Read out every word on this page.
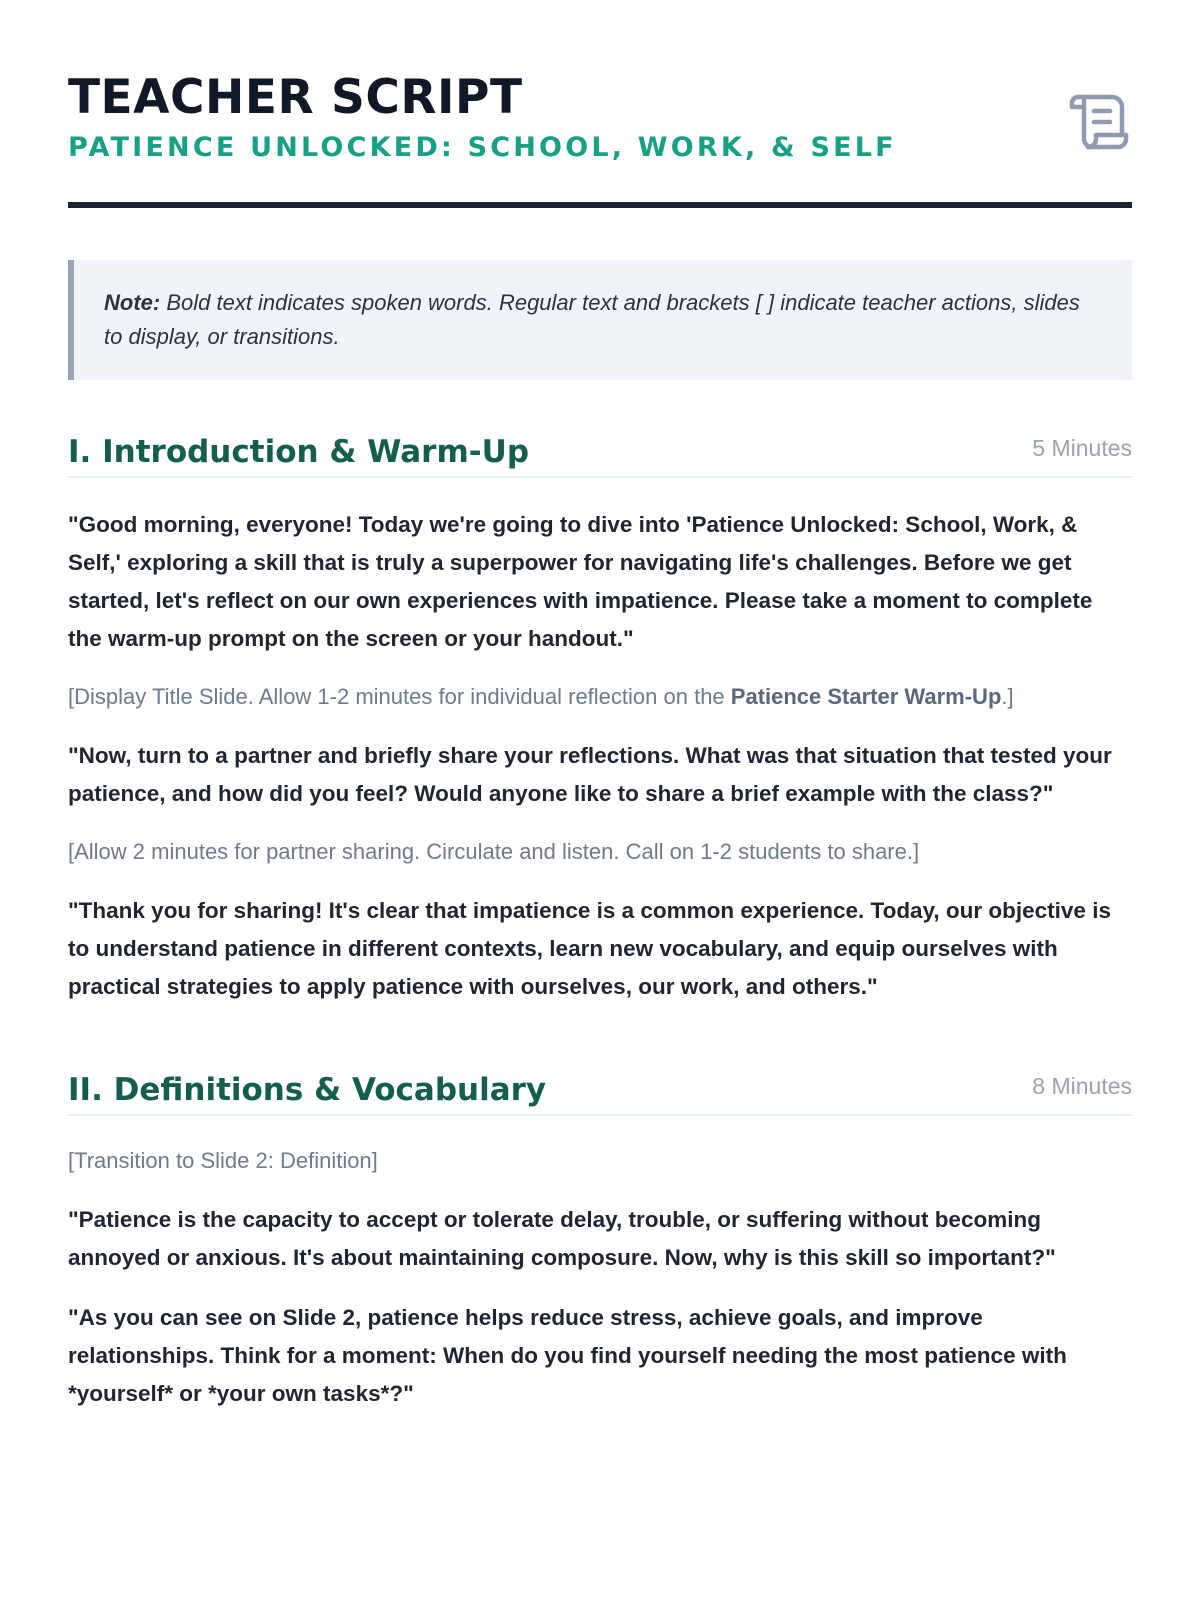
TEACHER SCRIPT
PATIENCE UNLOCKED: SCHOOL, WORK, & SELF
Note: Bold text indicates spoken words. Regular text and brackets [ ] indicate teacher actions, slides to display, or transitions.
I. Introduction & Warm-Up	5 Minutes

"Good morning, everyone! Today we're going to dive into 'Patience Unlocked: School, Work, & Self,' exploring a skill that is truly a superpower for navigating life's challenges. Before we get started, let's reflect on our own experiences with impatience. Please take a moment to complete the warm-up prompt on the screen or your handout."

[Display Title Slide. Allow 1-2 minutes for individual reflection on the Patience Starter Warm-Up.]

"Now, turn to a partner and briefly share your reflections. What was that situation that tested your patience, and how did you feel? Would anyone like to share a brief example with the class?"

[Allow 2 minutes for partner sharing. Circulate and listen. Call on 1-2 students to share.]

"Thank you for sharing! It's clear that impatience is a common experience. Today, our objective is to understand patience in different contexts, learn new vocabulary, and equip ourselves with practical strategies to apply patience with ourselves, our work, and others."

II. Definitions & Vocabulary	8 Minutes

[Transition to Slide 2: Definition]

"Patience is the capacity to accept or tolerate delay, trouble, or suffering without becoming annoyed or anxious. It's about maintaining composure. Now, why is this skill so important?"

"As you can see on Slide 2, patience helps reduce stress, achieve goals, and improve relationships. Think for a moment: When do you find yourself needing the most patience with *yourself* or *your own tasks*?"
